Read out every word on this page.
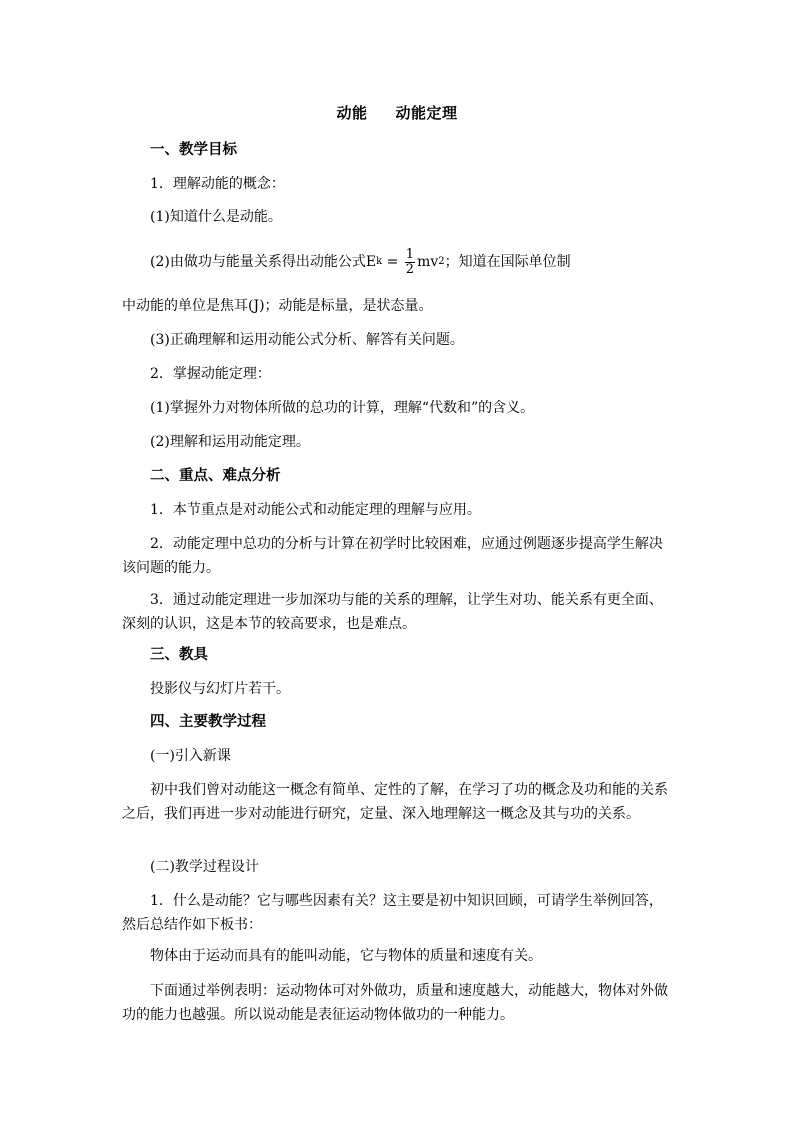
动能 动能定理
一、教学目标
1．理解动能的概念：
(1)知道什么是动能。
(2)由做功与能量关系得出动能公式 E $k = \frac{1}{2}$ mv 2 ；知道在国际单位制
中动能的单位是焦耳(J)；动能是标量，是状态量。
(3)正确理解和运用动能公式分析、解答有关问题。
2．掌握动能定理：
(1)掌握外力对物体所做的总功的计算，理解“代数和”的含义。
(2)理解和运用动能定理。
二、重点、难点分析
1．本节重点是对动能公式和动能定理的理解与应用。
2．动能定理中总功的分析与计算在初学时比较困难，应通过例题逐步提高学生解决该问题的能力。
3．通过动能定理进一步加深功与能的关系的理解，让学生对功、能关系有更全面、深刻的认识，这是本节的较高要求，也是难点。
三、教具
投影仪与幻灯片若干。
四、主要教学过程
(一)引入新课
初中我们曾对动能这一概念有简单、定性的了解，在学习了功的概念及功和能的关系之后，我们再进一步对动能进行研究，定量、深入地理解这一概念及其与功的关系。
(二)教学过程设计
1．什么是动能？它与哪些因素有关？这主要是初中知识回顾，可请学生举例回答，然后总结作如下板书：
物体由于运动而具有的能叫动能，它与物体的质量和速度有关。
下面通过举例表明：运动物体可对外做功，质量和速度越大，动能越大，物体对外做功的能力也越强。所以说动能是表征运动物体做功的一种能力。
